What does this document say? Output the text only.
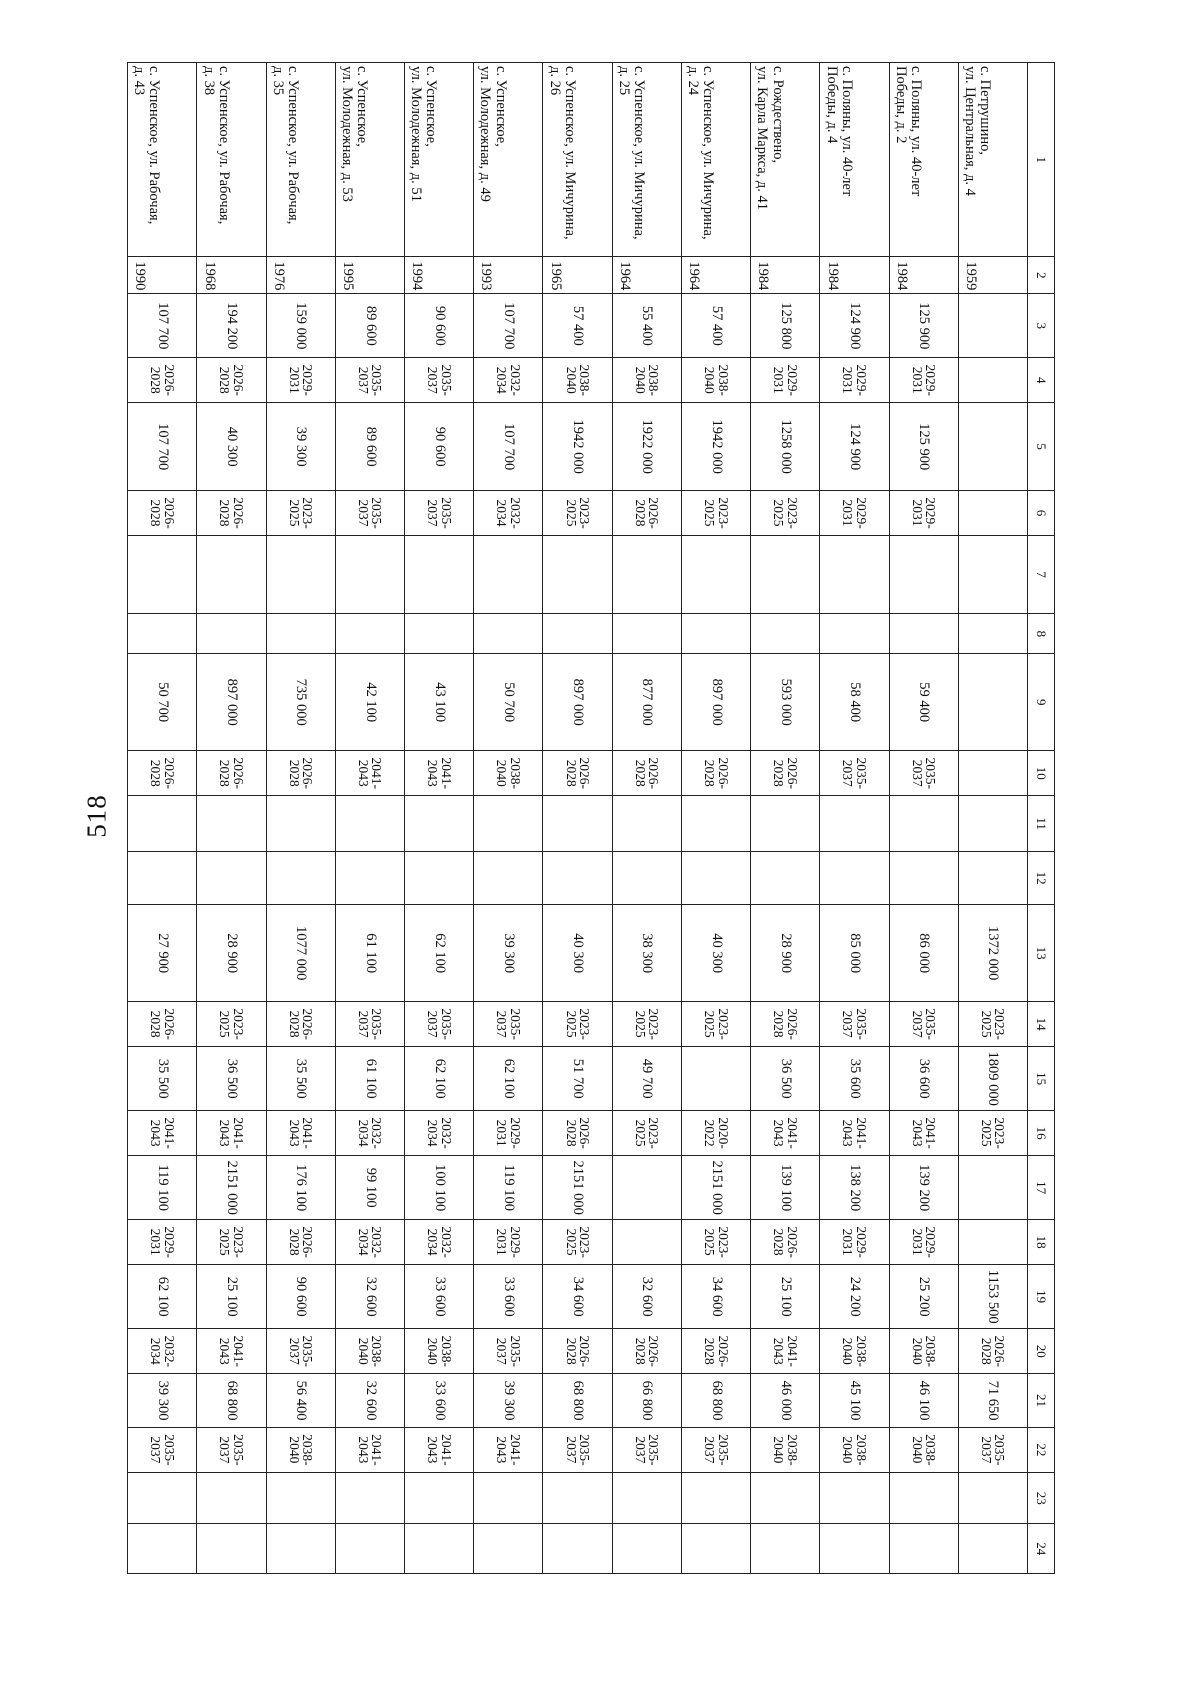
518
1	2	3	4	5	6	7	8	9	10	11	12	13	14	15	16	17	18	19	20	21	22	23	24
с. Петрушино,
ул. Центральная, д. 4	1959											1372 000	2023-
2025	1809 000	2023-
2025			1153 500	2026-
2028	71 650	2035-
2037		
с. Поляны, ул. 40-лет
Победы, д. 2	1984	125 900	2029-
2031	125 900	2029-
2031			59 400	2035-
2037			86 000	2035-
2037	36 600	2041-
2043	139 200	2029-
2031	25 200	2038-
2040	46 100	2038-
2040		
с. Поляны, ул. 40-лет
Победы, д. 4	1984	124 900	2029-
2031	124 900	2029-
2031			58 400	2035-
2037			85 000	2035-
2037	35 600	2041-
2043	138 200	2029-
2031	24 200	2038-
2040	45 100	2038-
2040		
с. Рождествено,
ул. Карла Маркса, д. 41	1984	125 800	2029-
2031	1258 000	2023-
2025			593 000	2026-
2028			28 900	2026-
2028	36 500	2041-
2043	139 100	2026-
2028	25 100	2041-
2043	46 000	2038-
2040		
с. Успенское, ул. Мичурина,
д. 24	1964	57 400	2038-
2040	1942 000	2023-
2025			897 000	2026-
2028			40 300	2023-
2025		2020-
2022	2151 000	2023-
2025	34 600	2026-
2028	68 800	2035-
2037		
с. Успенское, ул. Мичурина,
д. 25	1964	55 400	2038-
2040	1922 000	2026-
2028			877 000	2026-
2028			38 300	2023-
2025	49 700	2023-
2025			32 600	2026-
2028	66 800	2035-
2037		
с. Успенское, ул. Мичурина,
д. 26	1965	57 400	2038-
2040	1942 000	2023-
2025			897 000	2026-
2028			40 300	2023-
2025	51 700	2026-
2028	2151 000	2023-
2025	34 600	2026-
2028	68 800	2035-
2037		
с. Успенское,
ул. Молодежная, д. 49	1993	107 700	2032-
2034	107 700	2032-
2034			50 700	2038-
2040			39 300	2035-
2037	62 100	2029-
2031	119 100	2029-
2031	33 600	2035-
2037	39 300	2041-
2043		
с. Успенское,
ул. Молодежная, д. 51	1994	90 600	2035-
2037	90 600	2035-
2037			43 100	2041-
2043			62 100	2035-
2037	62 100	2032-
2034	100 100	2032-
2034	33 600	2038-
2040	33 600	2041-
2043		
с. Успенское,
ул. Молодежная, д. 53	1995	89 600	2035-
2037	89 600	2035-
2037			42 100	2041-
2043			61 100	2035-
2037	61 100	2032-
2034	99 100	2032-
2034	32 600	2038-
2040	32 600	2041-
2043		
с. Успенское, ул. Рабочая,
д. 35	1976	159 000	2029-
2031	39 300	2023-
2025			735 000	2026-
2028			1077 000	2026-
2028	35 500	2041-
2043	176 100	2026-
2028	90 600	2035-
2037	56 400	2038-
2040		
с. Успенское, ул. Рабочая,
д. 38	1968	194 200	2026-
2028	40 300	2026-
2028			897 000	2026-
2028			28 900	2023-
2025	36 500	2041-
2043	2151 000	2023-
2025	25 100	2041-
2043	68 800	2035-
2037		
с. Успенское, ул. Рабочая,
д. 43	1990	107 700	2026-
2028	107 700	2026-
2028			50 700	2026-
2028			27 900	2026-
2028	35 500	2041-
2043	119 100	2029-
2031	62 100	2032-
2034	39 300	2035-
2037		
